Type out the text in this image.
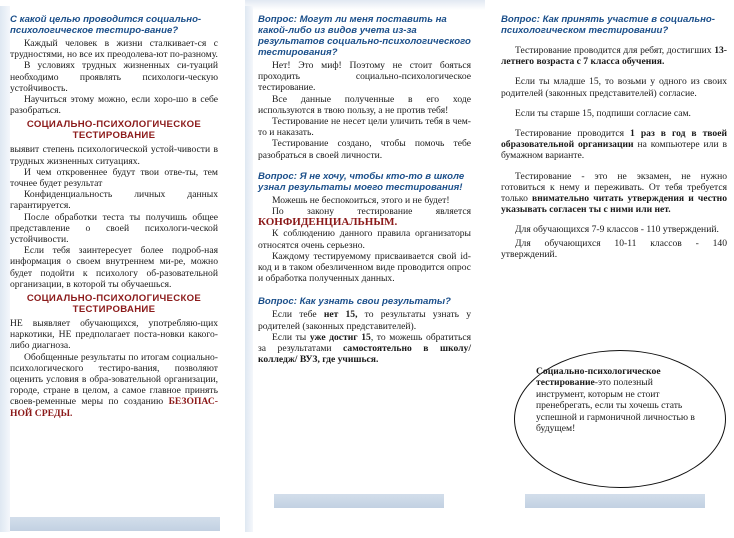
С какой целью проводится социально-психологическое тестиро-вание?

Каждый человек в жизни сталкивает-ся с трудностями, но все их преодолева-ют по-разному.

В условиях трудных жизненных си-туаций необходимо проявлять психологи-ческую устойчивость.

Научиться этому можно, если хоро-шо в себе разобраться.

СОЦИАЛЬНО-ПСИХОЛОГИЧЕСКОЕ ТЕСТИРОВАНИЕ

выявит степень психологической устой-чивости в трудных жизненных ситуациях.

И чем откровеннее будут твои отве-ты, тем точнее будет результат

Конфиденциальность личных данных гарантируется.

После обработки теста ты получишь общее представление о своей психологи-ческой устойчивости.

Если тебя заинтересует более подроб-ная информация о своем внутреннем ми-ре, можно будет подойти к психологу об-разовательной организации, в которой ты обучаешься.

СОЦИАЛЬНО-ПСИХОЛОГИЧЕСКОЕ ТЕСТИРОВАНИЕ

НЕ выявляет обучающихся, употребляю-щих наркотики, НЕ предполагает поста-новки какого-либо диагноза.

Обобщенные результаты по итогам социально-психологического тестиро-вания, позволяют оценить условия в обра-зовательной организации, городе, стране в целом, а самое главное принять своев-ременные меры по созданию БЕЗОПАС-НОЙ СРЕДЫ.

Вопрос: Могут ли меня поставить на какой-либо из видов учета из-за результатов социально-психологического тестирования?

Нет! Это миф! Поэтому не стоит бояться проходить социально-психологическое тестирование.

Все данные полученные в его ходе используются в твою пользу, а не против тебя!

Тестирование не несет цели уличить тебя в чем-то и наказать.

Тестирование создано, чтобы помочь тебе разобраться в своей личности.

Вопрос: Я не хочу, чтобы кто-то в школе узнал результаты моего тестирования!

Можешь не беспокоиться, этого и не будет!

По закону тестирование является КОНФИДЕНЦИАЛЬНЫМ.

К соблюдению данного правила организаторы относятся очень серьезно.

Каждому тестируемому присваивается свой id-код и в таком обезличенном виде проводится опрос и обработка полученных данных.

Вопрос: Как узнать свои результаты?

Если тебе нет 15, то результаты узнать у родителей (законных представителей).

Если ты уже достиг 15, то можешь обратиться за результатами самостоятельно в школу/ колледж/ ВУЗ, где учишься.

Вопрос: Как принять участие в социально-психологическом тестировании?

Тестирование проводится для ребят, достигших 13-летнего возраста с 7 класса обучения.

Если ты младше 15, то возьми у одного из своих родителей (законных представителей) согласие.

Если ты старше 15, подпиши согласие сам.

Тестирование проводится 1 раз в год в твоей образовательной организации на компьютере или в бумажном варианте.

Тестирование - это не экзамен, не нужно готовиться к нему и переживать. От тебя требуется только внимательно читать утверждения и честно указывать согласен ты с ними или нет.

Для обучающихся 7-9 классов - 110 утверждений.

Для обучающихся 10-11 классов - 140 утверждений.

Социально-психологическое тестирование-это полезный инструмент, которым не стоит пренебрегать, если ты хочешь стать успешной и гармоничной личностью в будущем!
